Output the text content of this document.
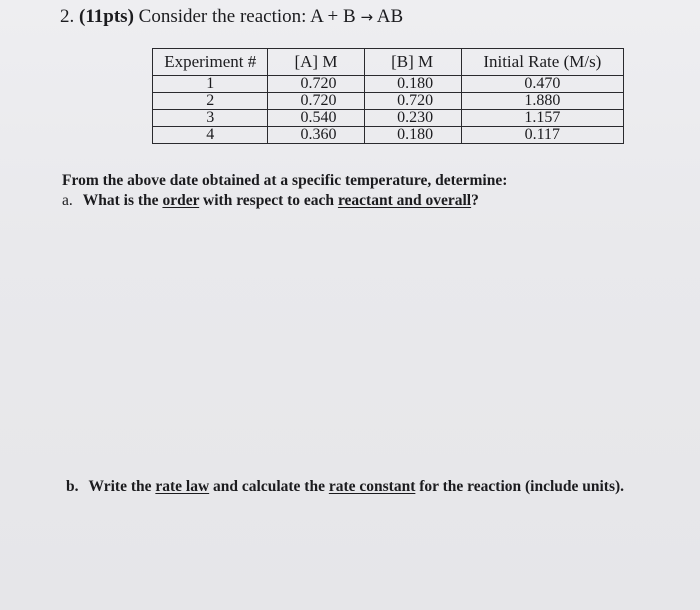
2. (11pts) Consider the reaction: A + B → AB
Experiment #	[A] M	[B] M	Initial Rate (M/s)
1	0.720	0.180	0.470
2	0.720	0.720	1.880
3	0.540	0.230	1.157
4	0.360	0.180	0.117
From the above date obtained at a specific temperature, determine:
a. What is the order with respect to each reactant and overall?
b. Write the rate law and calculate the rate constant for the reaction (include units).
